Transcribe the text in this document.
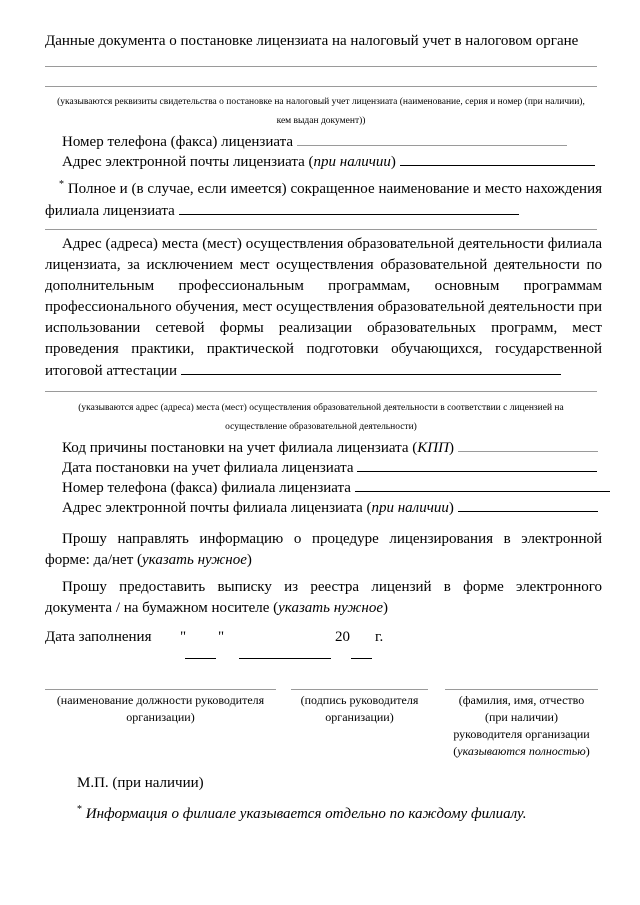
Данные документа о постановке лицензиата на налоговый учет в налоговом органе
(указываются реквизиты свидетельства о постановке на налоговый учет лицензиата (наименование, серия и номер (при наличии),
кем выдан документ))
Номер телефона (факса) лицензиата
Адрес электронной почты лицензиата (при наличии)
* Полное и (в случае, если имеется) сокращенное наименование и место нахождения филиала лицензиата
Адрес (адреса) места (мест) осуществления образовательной деятельности филиала лицензиата, за исключением мест осуществления образовательной деятельности по дополнительным профессиональным программам, основным программам профессионального обучения, мест осуществления образовательной деятельности при использовании сетевой формы реализации образовательных программ, мест проведения практики, практической подготовки обучающихся, государственной итоговой аттестации
(указываются адрес (адреса) места (мест) осуществления образовательной деятельности в соответствии с лицензией на
осуществление образовательной деятельности)
Код причины постановки на учет филиала лицензиата (КПП)
Дата постановки на учет филиала лицензиата
Номер телефона (факса) филиала лицензиата
Адрес электронной почты филиала лицензиата (при наличии)
Прошу направлять информацию о процедуре лицензирования в электронной форме: да/нет (указать нужное)
Прошу предоставить выписку из реестра лицензий в форме электронного документа / на бумажном носителе (указать нужное)
Дата заполнения " "	20 г.
(наименование должности руководителя
организации)
(подпись руководителя
организации)
(фамилия, имя, отчество
(при наличии)
руководителя организации
(указываются полностью)
М.П. (при наличии)
* Информация о филиале указывается отдельно по каждому филиалу.
